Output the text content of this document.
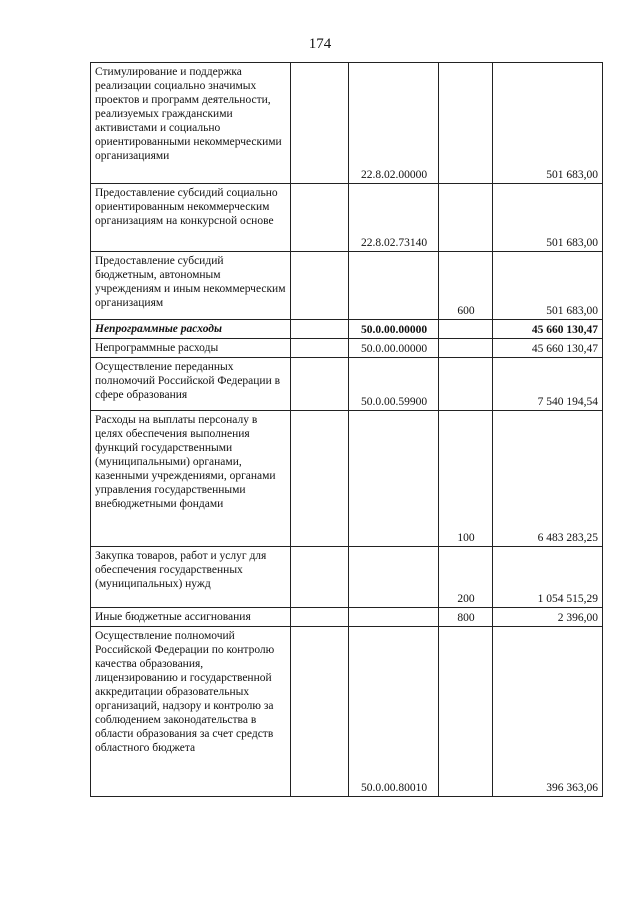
174
Стимулирование и поддержка реализации социально значимых проектов и программ деятельности, реализуемых гражданскими активистами и социально ориентированными некоммерческими организациями		22.8.02.00000		501 683,00
Предоставление субсидий социально ориентированным некоммерческим организациям на конкурсной основе		22.8.02.73140		501 683,00
Предоставление субсидий бюджетным, автономным учреждениям и иным некоммерческим организациям			600	501 683,00
Непрограммные расходы		50.0.00.00000		45 660 130,47
Непрограммные расходы		50.0.00.00000		45 660 130,47
Осуществление переданных полномочий Российской Федерации в сфере образования		50.0.00.59900		7 540 194,54
Расходы на выплаты персоналу в целях обеспечения выполнения функций государственными (муниципальными) органами, казенными учреждениями, органами управления государственными внебюджетными фондами			100	6 483 283,25
Закупка товаров, работ и услуг для обеспечения государственных (муниципальных) нужд			200	1 054 515,29
Иные бюджетные ассигнования			800	2 396,00
Осуществление полномочий Российской Федерации по контролю качества образования, лицензированию и государственной аккредитации образовательных организаций, надзору и контролю за соблюдением законодательства в области образования за счет средств областного бюджета		50.0.00.80010		396 363,06
